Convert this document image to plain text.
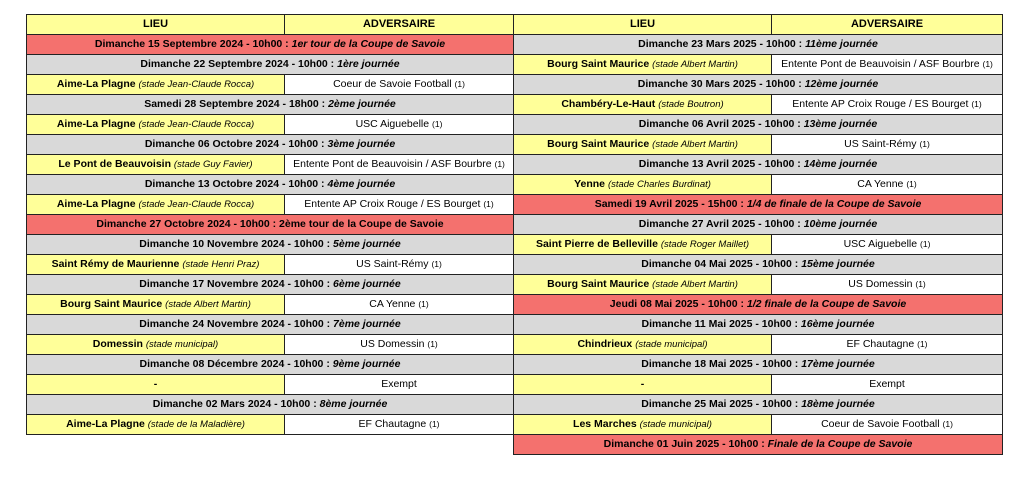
LIEU	ADVERSAIRE
Dimanche 15 Septembre 2024 - 10h00 : 1er tour de la Coupe de Savoie	
Dimanche 22 Septembre 2024 - 10h00 : 1ère journée	
Aime-La Plagne (stade Jean-Claude Rocca)	Coeur de Savoie Football (1)
Samedi 28 Septembre 2024 - 18h00 : 2ème journée	
Aime-La Plagne (stade Jean-Claude Rocca)	USC Aiguebelle (1)
Dimanche 06 Octobre 2024 - 10h00 : 3ème journée	
Le Pont de Beauvoisin (stade Guy Favier)	Entente Pont de Beauvoisin / ASF Bourbre (1)
Dimanche 13 Octobre 2024 - 10h00 : 4ème journée	
Aime-La Plagne (stade Jean-Claude Rocca)	Entente AP Croix Rouge / ES Bourget (1)
Dimanche 27 Octobre 2024 - 10h00 : 2ème tour de la Coupe de Savoie	
Dimanche 10 Novembre 2024 - 10h00 : 5ème journée	
Saint Rémy de Maurienne (stade Henri Praz)	US Saint-Rémy (1)
Dimanche 17 Novembre 2024 - 10h00 : 6ème journée	
Bourg Saint Maurice (stade Albert Martin)	CA Yenne (1)
Dimanche 24 Novembre 2024 - 10h00 : 7ème journée	
Domessin (stade municipal)	US Domessin (1)
Dimanche 08 Décembre 2024 - 10h00 : 9ème journée	
-	Exempt
Dimanche 02 Mars 2024 - 10h00 : 8ème journée	
Aime-La Plagne (stade de la Maladière)	EF Chautagne (1)
LIEU	ADVERSAIRE
Dimanche 23 Mars 2025 - 10h00 : 11ème journée	
Bourg Saint Maurice (stade Albert Martin)	Entente Pont de Beauvoisin / ASF Bourbre (1)
Dimanche 30 Mars 2025 - 10h00 : 12ème journée	
Chambéry-Le-Haut (stade Boutron)	Entente AP Croix Rouge / ES Bourget (1)
Dimanche 06 Avril 2025 - 10h00 : 13ème journée	
Bourg Saint Maurice (stade Albert Martin)	US Saint-Rémy (1)
Dimanche 13 Avril 2025 - 10h00 : 14ème journée	
Yenne (stade Charles Burdinat)	CA Yenne (1)
Samedi 19 Avril 2025 - 15h00 : 1/4 de finale de la Coupe de Savoie	
Dimanche 27 Avril 2025 - 10h00 : 10ème journée	
Saint Pierre de Belleville (stade Roger Maillet)	USC Aiguebelle (1)
Dimanche 04 Mai 2025 - 10h00 : 15ème journée	
Bourg Saint Maurice (stade Albert Martin)	US Domessin (1)
Jeudi 08 Mai 2025 - 10h00 : 1/2 finale de la Coupe de Savoie	
Dimanche 11 Mai 2025 - 10h00 : 16ème journée	
Chindrieux (stade municipal)	EF Chautagne (1)
Dimanche 18 Mai 2025 - 10h00 : 17ème journée	
-	Exempt
Dimanche 25 Mai 2025 - 10h00 : 18ème journée	
Les Marches (stade municipal)	Coeur de Savoie Football (1)
Dimanche 01 Juin 2025 - 10h00 : Finale de la Coupe de Savoie	
